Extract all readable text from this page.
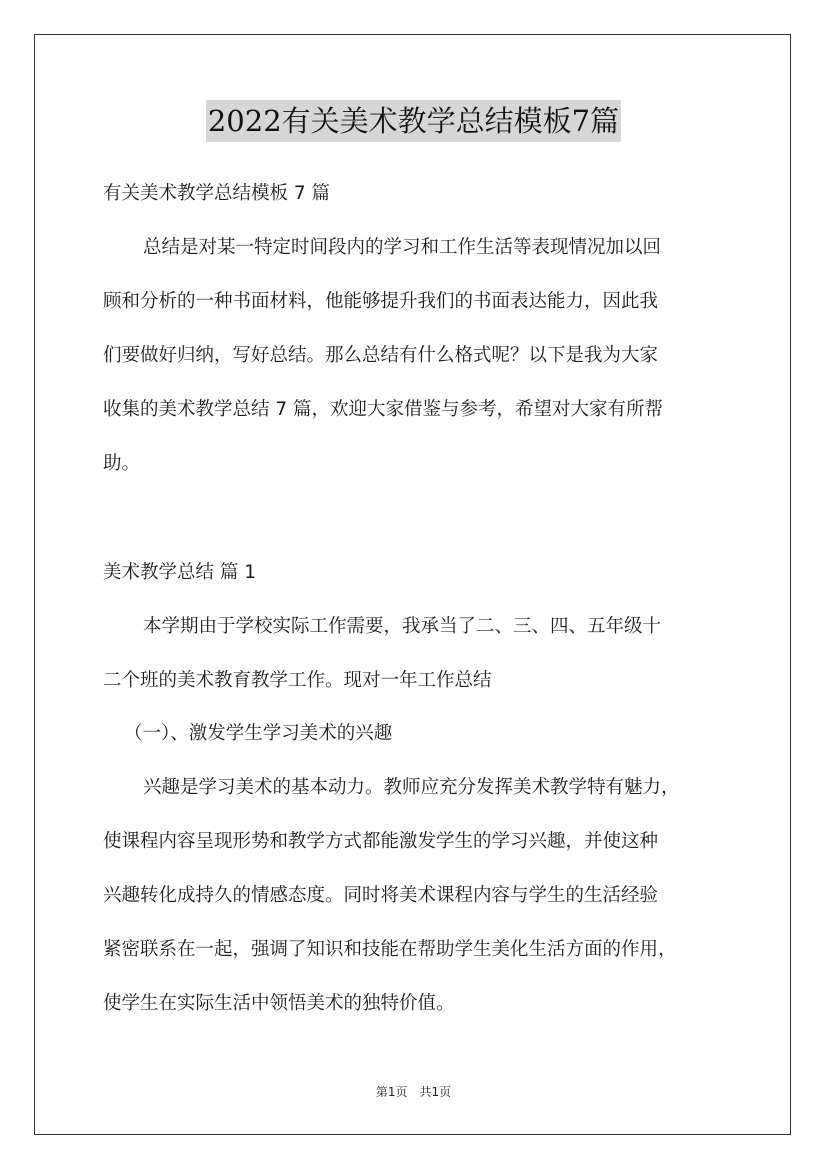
2022有关美术教学总结模板7篇
有关美术教学总结模板 7 篇
总结是对某一特定时间段内的学习和工作生活等表现情况加以回
顾和分析的一种书面材料，他能够提升我们的书面表达能力，因此我
们要做好归纳，写好总结。那么总结有什么格式呢？以下是我为大家
收集的美术教学总结 7 篇，欢迎大家借鉴与参考，希望对大家有所帮
助。
美术教学总结 篇 1
本学期由于学校实际工作需要，我承当了二、三、四、五年级十
二个班的美术教育教学工作。现对一年工作总结
（一）、激发学生学习美术的兴趣
兴趣是学习美术的基本动力。教师应充分发挥美术教学特有魅力，
使课程内容呈现形势和教学方式都能激发学生的学习兴趣，并使这种
兴趣转化成持久的情感态度。同时将美术课程内容与学生的生活经验
紧密联系在一起，强调了知识和技能在帮助学生美化生活方面的作用，
使学生在实际生活中领悟美术的独特价值。
第1页　共1页
